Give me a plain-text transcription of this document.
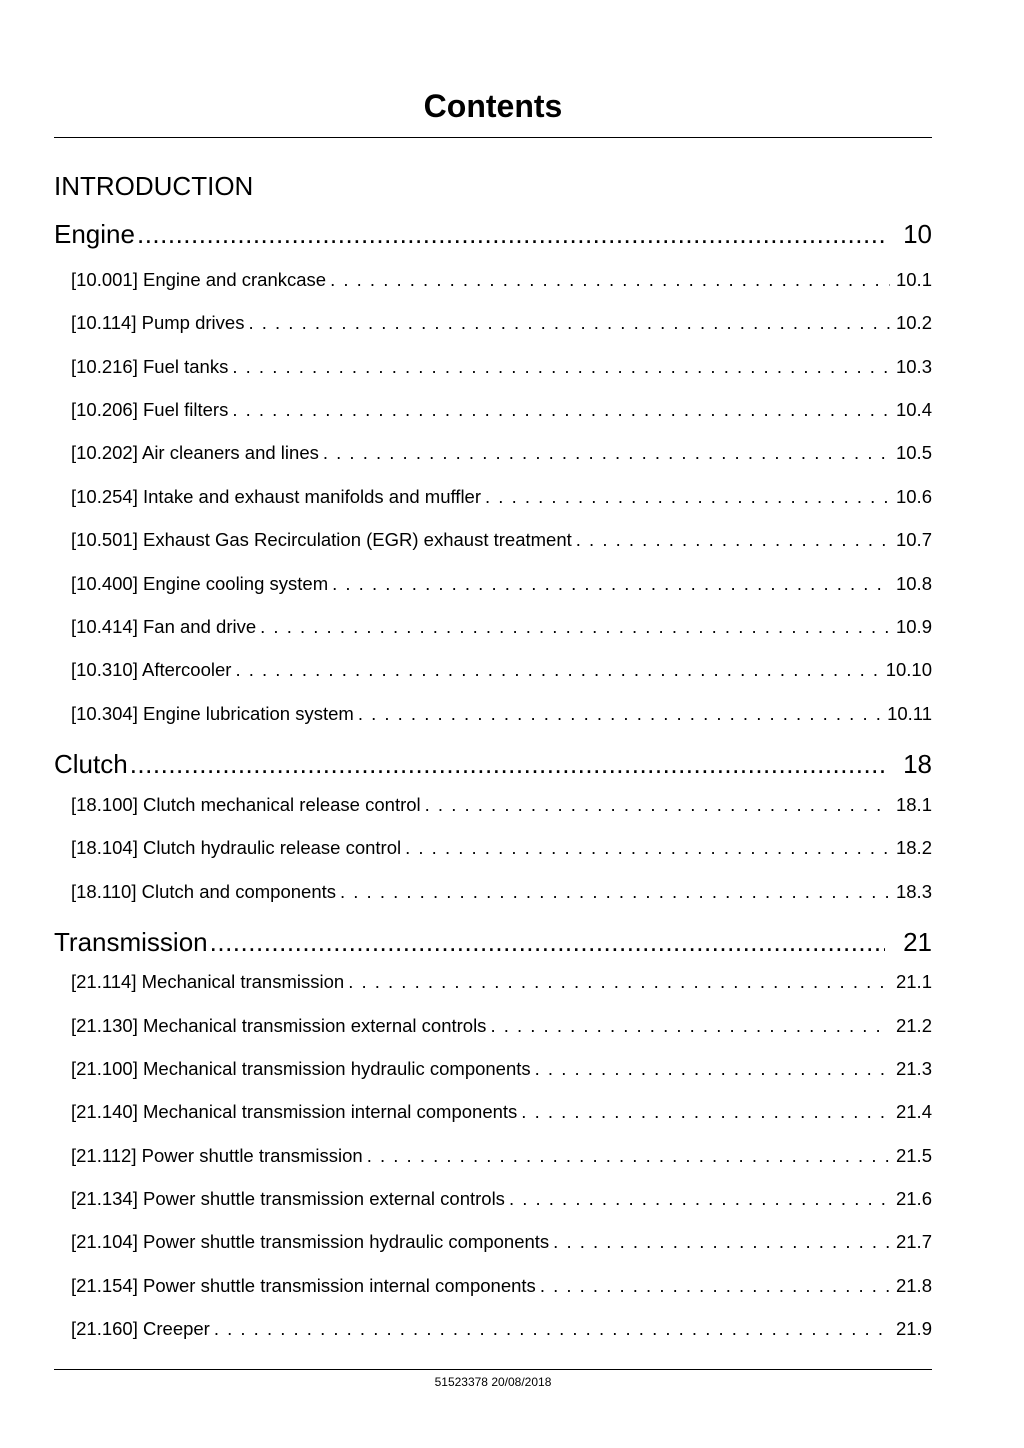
Contents
INTRODUCTION
Engine .....	10
[10.001] Engine and crankcase . . .	10.1
[10.114] Pump drives . . .	10.2
[10.216] Fuel tanks . . .	10.3
[10.206] Fuel filters . . .	10.4
[10.202] Air cleaners and lines . . .	10.5
[10.254] Intake and exhaust manifolds and muffler . . .	10.6
[10.501] Exhaust Gas Recirculation (EGR) exhaust treatment . . .	10.7
[10.400] Engine cooling system . . .	10.8
[10.414] Fan and drive . . .	10.9
[10.310] Aftercooler . . .	10.10
[10.304] Engine lubrication system . . .	10.11
Clutch .....	18
[18.100] Clutch mechanical release control . . .	18.1
[18.104] Clutch hydraulic release control . . .	18.2
[18.110] Clutch and components . . .	18.3
Transmission .....	21
[21.114] Mechanical transmission . . .	21.1
[21.130] Mechanical transmission external controls . . .	21.2
[21.100] Mechanical transmission hydraulic components . . .	21.3
[21.140] Mechanical transmission internal components . . .	21.4
[21.112] Power shuttle transmission . . .	21.5
[21.134] Power shuttle transmission external controls . . .	21.6
[21.104] Power shuttle transmission hydraulic components . . .	21.7
[21.154] Power shuttle transmission internal components . . .	21.8
[21.160] Creeper . . .	21.9
51523378 20/08/2018
